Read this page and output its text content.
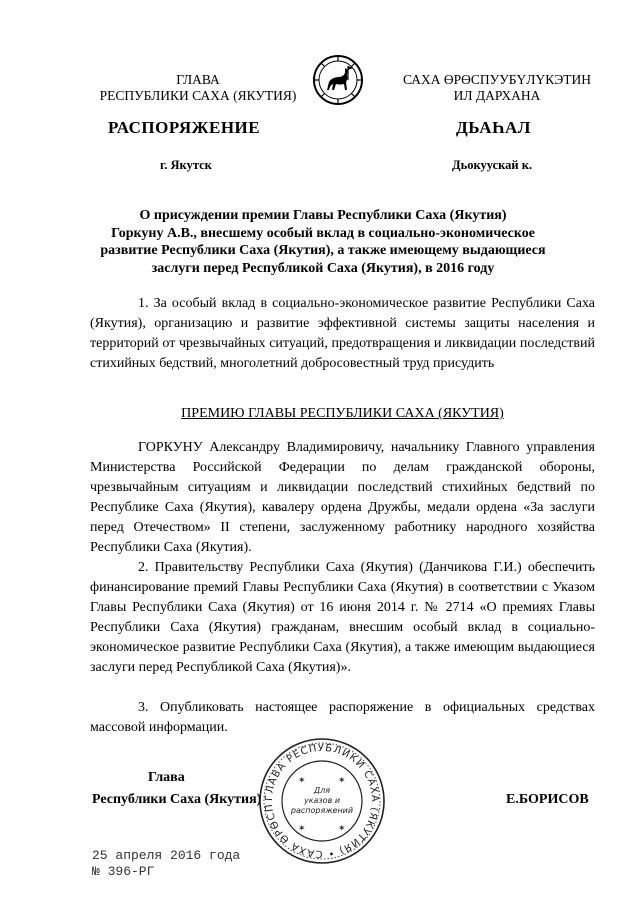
ГЛАВА
РЕСПУБЛИКИ САХА (ЯКУТИЯ)
САХА ӨРӨСПУУБҮЛҮКЭТИН
ИЛ ДАРХАНА
РАСПОРЯЖЕНИЕ	ДЬАҺАЛ
г. Якутск	Дьокуускай к.
О присуждении премии Главы Республики Саха (Якутия)
Горкуну А.В., внесшему особый вклад в социально-экономическое
развитие Республики Саха (Якутия), а также имеющему выдающиеся
заслуги перед Республикой Саха (Якутия), в 2016 году
1. За особый вклад в социально-экономическое развитие Республики Саха (Якутия), организацию и развитие эффективной системы защиты населения и территорий от чрезвычайных ситуаций, предотвращения и ликвидации последствий стихийных бедствий, многолетний добросовестный труд присудить
ПРЕМИЮ ГЛАВЫ РЕСПУБЛИКИ САХА (ЯКУТИЯ)
ГОРКУНУ Александру Владимировичу, начальнику Главного управления Министерства Российской Федерации по делам гражданской обороны, чрезвычайным ситуациям и ликвидации последствий стихийных бедствий по Республике Саха (Якутия), кавалеру ордена Дружбы, медали ордена «За заслуги перед Отечеством» II степени, заслуженному работнику народного хозяйства Республики Саха (Якутия).
2. Правительству Республики Саха (Якутия) (Данчикова Г.И.) обеспечить финансирование премий Главы Республики Саха (Якутия) в соответствии с Указом Главы Республики Саха (Якутия) от 16 июня 2014 г. № 2714 «О премиях Главы Республики Саха (Якутия) гражданам, внесшим особый вклад в социально-экономическое развитие Республики Саха (Якутия), а также имеющим выдающиеся заслуги перед Республикой Саха (Якутия)».
3. Опубликовать настоящее распоряжение в официальных средствах массовой информации.
Глава
Республики Саха (Якутия)	Е.БОРИСОВ
ГЛАВА РЕСПУБЛИКИ САХА (ЯКУТИЯ) • САХА ӨРӨСП
Для
указов и
распоряжений
✶	✶
✶	✶
25 апреля 2016 года
№ 396-РГ
